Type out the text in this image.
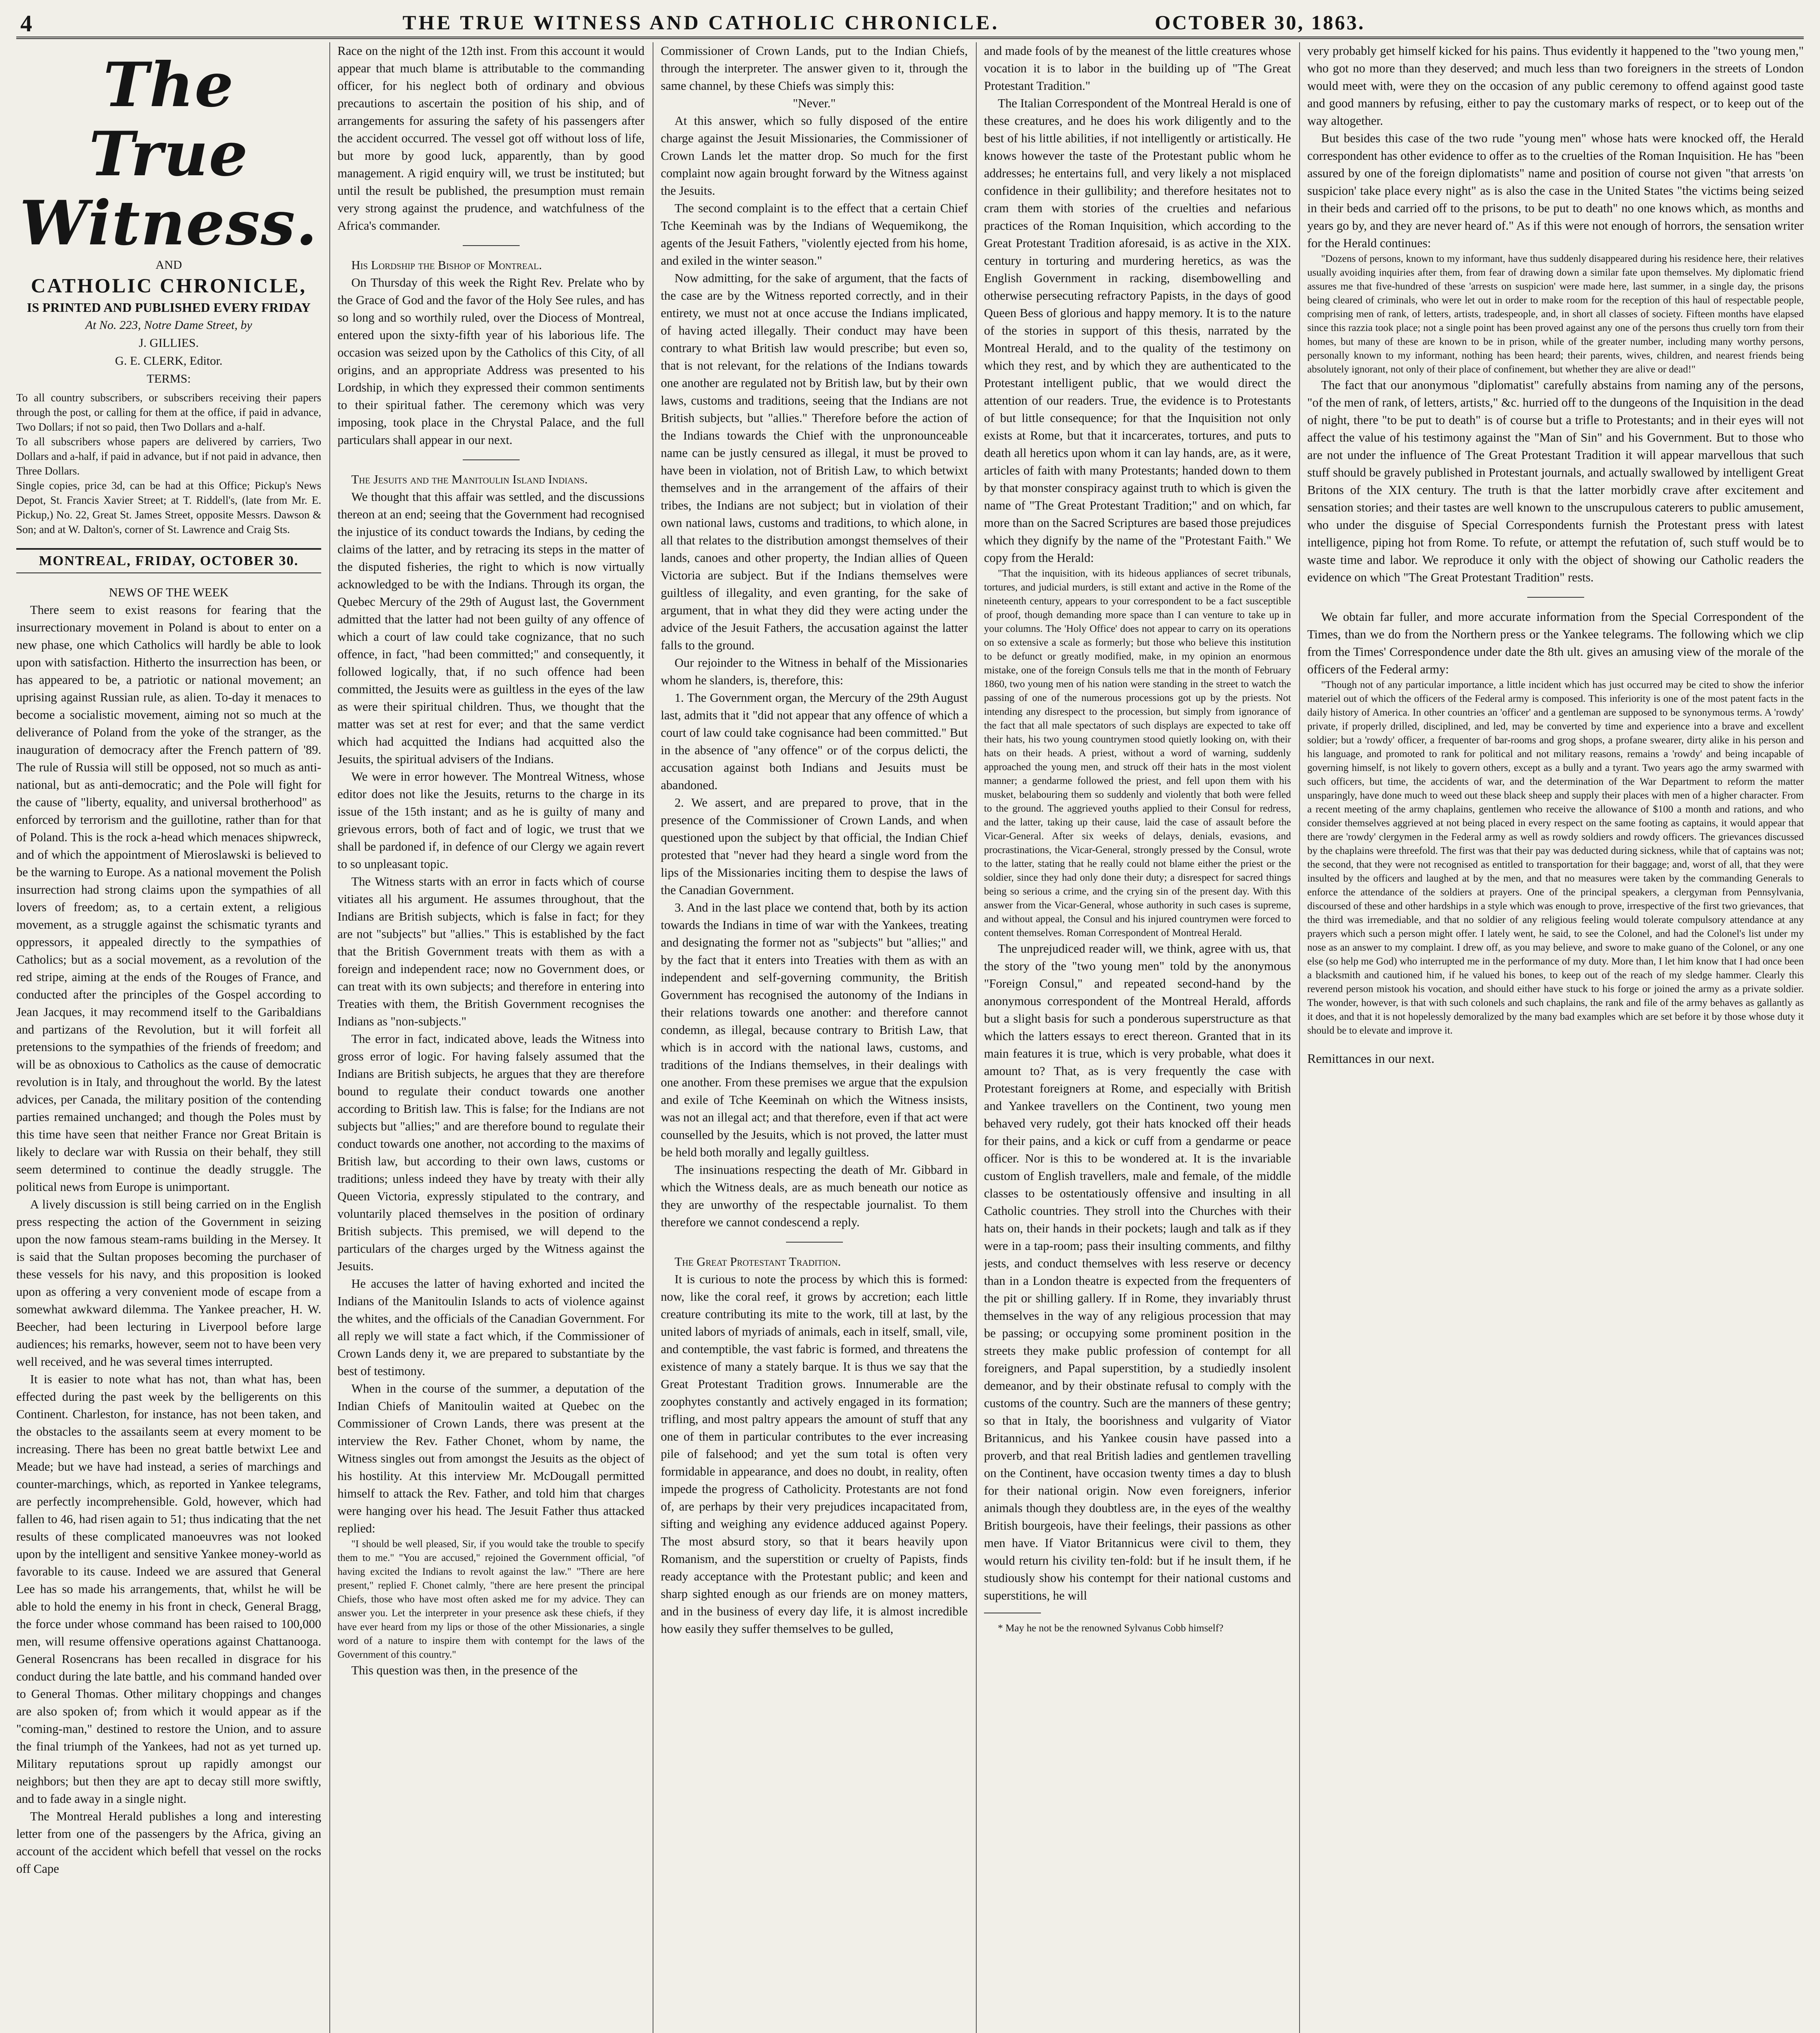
4	THE TRUE WITNESS AND CATHOLIC CHRONICLE.	OCTOBER 30, 1863.
The True Witness.
AND
CATHOLIC CHRONICLE,
IS PRINTED AND PUBLISHED EVERY FRIDAY
At No. 223, Notre Dame Street, by
J. GILLIES.
G. E. CLERK, Editor.
TERMS:

To all country subscribers, or subscribers receiving their papers through the post, or calling for them at the office, if paid in advance, Two Dollars; if not so paid, then Two Dollars and a-half.

To all subscribers whose papers are delivered by carriers, Two Dollars and a-half, if paid in advance, but if not paid in advance, then Three Dollars.

Single copies, price 3d, can be had at this Office; Pickup's News Depot, St. Francis Xavier Street; at T. Riddell's, (late from Mr. E. Pickup,) No. 22, Great St. James Street, opposite Messrs. Dawson & Son; and at W. Dalton's, corner of St. Lawrence and Craig Sts.

MONTREAL, FRIDAY, OCTOBER 30.

NEWS OF THE WEEK

There seem to exist reasons for fearing that the insurrectionary movement in Poland is about to enter on a new phase, one which Catholics will hardly be able to look upon with satisfaction. Hitherto the insurrection has been, or has appeared to be, a patriotic or national movement; an uprising against Russian rule, as alien. To-day it menaces to become a socialistic movement, aiming not so much at the deliverance of Poland from the yoke of the stranger, as the inauguration of democracy after the French pattern of '89. The rule of Russia will still be opposed, not so much as anti-national, but as anti-democratic; and the Pole will fight for the cause of "liberty, equality, and universal brotherhood" as enforced by terrorism and the guillotine, rather than for that of Poland. This is the rock a-head which menaces shipwreck, and of which the appointment of Mieroslawski is believed to be the warning to Europe. As a national movement the Polish insurrection had strong claims upon the sympathies of all lovers of freedom; as, to a certain extent, a religious movement, as a struggle against the schismatic tyrants and oppressors, it appealed directly to the sympathies of Catholics; but as a social movement, as a revolution of the red stripe, aiming at the ends of the Rouges of France, and conducted after the principles of the Gospel according to Jean Jacques, it may recommend itself to the Garibaldians and partizans of the Revolution, but it will forfeit all pretensions to the sympathies of the friends of freedom; and will be as obnoxious to Catholics as the cause of democratic revolution is in Italy, and throughout the world. By the latest advices, per Canada, the military position of the contending parties remained unchanged; and though the Poles must by this time have seen that neither France nor Great Britain is likely to declare war with Russia on their behalf, they still seem determined to continue the deadly struggle. The political news from Europe is unimportant.

A lively discussion is still being carried on in the English press respecting the action of the Government in seizing upon the now famous steam-rams building in the Mersey. It is said that the Sultan proposes becoming the purchaser of these vessels for his navy, and this proposition is looked upon as offering a very convenient mode of escape from a somewhat awkward dilemma. The Yankee preacher, H. W. Beecher, had been lecturing in Liverpool before large audiences; his remarks, however, seem not to have been very well received, and he was several times interrupted.

It is easier to note what has not, than what has, been effected during the past week by the belligerents on this Continent. Charleston, for instance, has not been taken, and the obstacles to the assailants seem at every moment to be increasing. There has been no great battle betwixt Lee and Meade; but we have had instead, a series of marchings and counter-marchings, which, as reported in Yankee telegrams, are perfectly incomprehensible. Gold, however, which had fallen to 46, had risen again to 51; thus indicating that the net results of these complicated manoeuvres was not looked upon by the intelligent and sensitive Yankee money-world as favorable to its cause. Indeed we are assured that General Lee has so made his arrangements, that, whilst he will be able to hold the enemy in his front in check, General Bragg, the force under whose command has been raised to 100,000 men, will resume offensive operations against Chattanooga. General Rosencrans has been recalled in disgrace for his conduct during the late battle, and his command handed over to General Thomas. Other military choppings and changes are also spoken of; from which it would appear as if the "coming-man," destined to restore the Union, and to assure the final triumph of the Yankees, had not as yet turned up. Military reputations sprout up rapidly amongst our neighbors; but then they are apt to decay still more swiftly, and to fade away in a single night.

The Montreal Herald publishes a long and interesting letter from one of the passengers by the Africa, giving an account of the accident which befell that vessel on the rocks off Cape

Race on the night of the 12th inst. From this account it would appear that much blame is attributable to the commanding officer, for his neglect both of ordinary and obvious precautions to ascertain the position of his ship, and of arrangements for assuring the safety of his passengers after the accident occurred. The vessel got off without loss of life, but more by good luck, apparently, than by good management. A rigid enquiry will, we trust be instituted; but until the result be published, the presumption must remain very strong against the prudence, and watchfulness of the Africa's commander.

His Lordship the Bishop of Montreal.

On Thursday of this week the Right Rev. Prelate who by the Grace of God and the favor of the Holy See rules, and has so long and so worthily ruled, over the Diocess of Montreal, entered upon the sixty-fifth year of his laborious life. The occasion was seized upon by the Catholics of this City, of all origins, and an appropriate Address was presented to his Lordship, in which they expressed their common sentiments to their spiritual father. The ceremony which was very imposing, took place in the Chrystal Palace, and the full particulars shall appear in our next.

The Jesuits and the Manitoulin Island Indians.

We thought that this affair was settled, and the discussions thereon at an end; seeing that the Government had recognised the injustice of its conduct towards the Indians, by ceding the claims of the latter, and by retracing its steps in the matter of the disputed fisheries, the right to which is now virtually acknowledged to be with the Indians. Through its organ, the Quebec Mercury of the 29th of August last, the Government admitted that the latter had not been guilty of any offence of which a court of law could take cognizance, that no such offence, in fact, "had been committed;" and consequently, it followed logically, that, if no such offence had been committed, the Jesuits were as guiltless in the eyes of the law as were their spiritual children. Thus, we thought that the matter was set at rest for ever; and that the same verdict which had acquitted the Indians had acquitted also the Jesuits, the spiritual advisers of the Indians.

We were in error however. The Montreal Witness, whose editor does not like the Jesuits, returns to the charge in its issue of the 15th instant; and as he is guilty of many and grievous errors, both of fact and of logic, we trust that we shall be pardoned if, in defence of our Clergy we again revert to so unpleasant topic.

The Witness starts with an error in facts which of course vitiates all his argument. He assumes throughout, that the Indians are British subjects, which is false in fact; for they are not "subjects" but "allies." This is established by the fact that the British Government treats with them as with a foreign and independent race; now no Government does, or can treat with its own subjects; and therefore in entering into Treaties with them, the British Government recognises the Indians as "non-subjects."

The error in fact, indicated above, leads the Witness into gross error of logic. For having falsely assumed that the Indians are British subjects, he argues that they are therefore bound to regulate their conduct towards one another according to British law. This is false; for the Indians are not subjects but "allies;" and are therefore bound to regulate their conduct towards one another, not according to the maxims of British law, but according to their own laws, customs or traditions; unless indeed they have by treaty with their ally Queen Victoria, expressly stipulated to the contrary, and voluntarily placed themselves in the position of ordinary British subjects. This premised, we will depend to the particulars of the charges urged by the Witness against the Jesuits.

He accuses the latter of having exhorted and incited the Indians of the Manitoulin Islands to acts of violence against the whites, and the officials of the Canadian Government. For all reply we will state a fact which, if the Commissioner of Crown Lands deny it, we are prepared to substantiate by the best of testimony.

When in the course of the summer, a deputation of the Indian Chiefs of Manitoulin waited at Quebec on the Commissioner of Crown Lands, there was present at the interview the Rev. Father Chonet, whom by name, the Witness singles out from amongst the Jesuits as the object of his hostility. At this interview Mr. McDougall permitted himself to attack the Rev. Father, and told him that charges were hanging over his head. The Jesuit Father thus attacked replied:

"I should be well pleased, Sir, if you would take the trouble to specify them to me." "You are accused," rejoined the Government official, "of having excited the Indians to revolt against the law." "There are here present," replied F. Chonet calmly, "there are here present the principal Chiefs, those who have most often asked me for my advice. They can answer you. Let the interpreter in your presence ask these chiefs, if they have ever heard from my lips or those of the other Missionaries, a single word of a nature to inspire them with contempt for the laws of the Government of this country."

This question was then, in the presence of the

Commissioner of Crown Lands, put to the Indian Chiefs, through the interpreter. The answer given to it, through the same channel, by these Chiefs was simply this:

"Never."

At this answer, which so fully disposed of the entire charge against the Jesuit Missionaries, the Commissioner of Crown Lands let the matter drop. So much for the first complaint now again brought forward by the Witness against the Jesuits.

The second complaint is to the effect that a certain Chief Tche Keeminah was by the Indians of Wequemikong, the agents of the Jesuit Fathers, "violently ejected from his home, and exiled in the winter season."

Now admitting, for the sake of argument, that the facts of the case are by the Witness reported correctly, and in their entirety, we must not at once accuse the Indians implicated, of having acted illegally. Their conduct may have been contrary to what British law would prescribe; but even so, that is not relevant, for the relations of the Indians towards one another are regulated not by British law, but by their own laws, customs and traditions, seeing that the Indians are not British subjects, but "allies." Therefore before the action of the Indians towards the Chief with the unpronounceable name can be justly censured as illegal, it must be proved to have been in violation, not of British Law, to which betwixt themselves and in the arrangement of the affairs of their tribes, the Indians are not subject; but in violation of their own national laws, customs and traditions, to which alone, in all that relates to the distribution amongst themselves of their lands, canoes and other property, the Indian allies of Queen Victoria are subject. But if the Indians themselves were guiltless of illegality, and even granting, for the sake of argument, that in what they did they were acting under the advice of the Jesuit Fathers, the accusation against the latter falls to the ground.

Our rejoinder to the Witness in behalf of the Missionaries whom he slanders, is, therefore, this:

1. The Government organ, the Mercury of the 29th August last, admits that it "did not appear that any offence of which a court of law could take cognisance had been committed." But in the absence of "any offence" or of the corpus delicti, the accusation against both Indians and Jesuits must be abandoned.

2. We assert, and are prepared to prove, that in the presence of the Commissioner of Crown Lands, and when questioned upon the subject by that official, the Indian Chief protested that "never had they heard a single word from the lips of the Missionaries inciting them to despise the laws of the Canadian Government.

3. And in the last place we contend that, both by its action towards the Indians in time of war with the Yankees, treating and designating the former not as "subjects" but "allies;" and by the fact that it enters into Treaties with them as with an independent and self-governing community, the British Government has recognised the autonomy of the Indians in their relations towards one another: and therefore cannot condemn, as illegal, because contrary to British Law, that which is in accord with the national laws, customs, and traditions of the Indians themselves, in their dealings with one another. From these premises we argue that the expulsion and exile of Tche Keeminah on which the Witness insists, was not an illegal act; and that therefore, even if that act were counselled by the Jesuits, which is not proved, the latter must be held both morally and legally guiltless.

The insinuations respecting the death of Mr. Gibbard in which the Witness deals, are as much beneath our notice as they are unworthy of the respectable journalist. To them therefore we cannot condescend a reply.

The Great Protestant Tradition.

It is curious to note the process by which this is formed: now, like the coral reef, it grows by accretion; each little creature contributing its mite to the work, till at last, by the united labors of myriads of animals, each in itself, small, vile, and contemptible, the vast fabric is formed, and threatens the existence of many a stately barque. It is thus we say that the Great Protestant Tradition grows. Innumerable are the zoophytes constantly and actively engaged in its formation; trifling, and most paltry appears the amount of stuff that any one of them in particular contributes to the ever increasing pile of falsehood; and yet the sum total is often very formidable in appearance, and does no doubt, in reality, often impede the progress of Catholicity. Protestants are not fond of, are perhaps by their very prejudices incapacitated from, sifting and weighing any evidence adduced against Popery. The most absurd story, so that it bears heavily upon Romanism, and the superstition or cruelty of Papists, finds ready acceptance with the Protestant public; and keen and sharp sighted enough as our friends are on money matters, and in the business of every day life, it is almost incredible how easily they suffer themselves to be gulled,

and made fools of by the meanest of the little creatures whose vocation it is to labor in the building up of "The Great Protestant Tradition."

The Italian Correspondent of the Montreal Herald is one of these creatures, and he does his work diligently and to the best of his little abilities, if not intelligently or artistically. He knows however the taste of the Protestant public whom he addresses; he entertains full, and very likely a not misplaced confidence in their gullibility; and therefore hesitates not to cram them with stories of the cruelties and nefarious practices of the Roman Inquisition, which according to the Great Protestant Tradition aforesaid, is as active in the XIX. century in torturing and murdering heretics, as was the English Government in racking, disembowelling and otherwise persecuting refractory Papists, in the days of good Queen Bess of glorious and happy memory. It is to the nature of the stories in support of this thesis, narrated by the Montreal Herald, and to the quality of the testimony on which they rest, and by which they are authenticated to the Protestant intelligent public, that we would direct the attention of our readers. True, the evidence is to Protestants of but little consequence; for that the Inquisition not only exists at Rome, but that it incarcerates, tortures, and puts to death all heretics upon whom it can lay hands, are, as it were, articles of faith with many Protestants; handed down to them by that monster conspiracy against truth to which is given the name of "The Great Protestant Tradition;" and on which, far more than on the Sacred Scriptures are based those prejudices which they dignify by the name of the "Protestant Faith." We copy from the Herald:

"That the inquisition, with its hideous appliances of secret tribunals, tortures, and judicial murders, is still extant and active in the Rome of the nineteenth century, appears to your correspondent to be a fact susceptible of proof, though demanding more space than I can venture to take up in your columns. The 'Holy Office' does not appear to carry on its operations on so extensive a scale as formerly; but those who believe this institution to be defunct or greatly modified, make, in my opinion an enormous mistake, one of the foreign Consuls tells me that in the month of February 1860, two young men of his nation were standing in the street to watch the passing of one of the numerous processions got up by the priests. Not intending any disrespect to the procession, but simply from ignorance of the fact that all male spectators of such displays are expected to take off their hats, his two young countrymen stood quietly looking on, with their hats on their heads. A priest, without a word of warning, suddenly approached the young men, and struck off their hats in the most violent manner; a gendarme followed the priest, and fell upon them with his musket, belabouring them so suddenly and violently that both were felled to the ground. The aggrieved youths applied to their Consul for redress, and the latter, taking up their cause, laid the case of assault before the Vicar-General. After six weeks of delays, denials, evasions, and procrastinations, the Vicar-General, strongly pressed by the Consul, wrote to the latter, stating that he really could not blame either the priest or the soldier, since they had only done their duty; a disrespect for sacred things being so serious a crime, and the crying sin of the present day. With this answer from the Vicar-General, whose authority in such cases is supreme, and without appeal, the Consul and his injured countrymen were forced to content themselves. Roman Correspondent of Montreal Herald.

The unprejudiced reader will, we think, agree with us, that the story of the "two young men" told by the anonymous "Foreign Consul," and repeated second-hand by the anonymous correspondent of the Montreal Herald, affords but a slight basis for such a ponderous superstructure as that which the latters essays to erect thereon. Granted that in its main features it is true, which is very probable, what does it amount to? That, as is very frequently the case with Protestant foreigners at Rome, and especially with British and Yankee travellers on the Continent, two young men behaved very rudely, got their hats knocked off their heads for their pains, and a kick or cuff from a gendarme or peace officer. Nor is this to be wondered at. It is the invariable custom of English travellers, male and female, of the middle classes to be ostentatiously offensive and insulting in all Catholic countries. They stroll into the Churches with their hats on, their hands in their pockets; laugh and talk as if they were in a tap-room; pass their insulting comments, and filthy jests, and conduct themselves with less reserve or decency than in a London theatre is expected from the frequenters of the pit or shilling gallery. If in Rome, they invariably thrust themselves in the way of any religious procession that may be passing; or occupying some prominent position in the streets they make public profession of contempt for all foreigners, and Papal superstition, by a studiedly insolent demeanor, and by their obstinate refusal to comply with the customs of the country. Such are the manners of these gentry; so that in Italy, the boorishness and vulgarity of Viator Britannicus, and his Yankee cousin have passed into a proverb, and that real British ladies and gentlemen travelling on the Continent, have occasion twenty times a day to blush for their national origin. Now even foreigners, inferior animals though they doubtless are, in the eyes of the wealthy British bourgeois, have their feelings, their passions as other men have. If Viator Britannicus were civil to them, they would return his civility ten-fold: but if he insult them, if he studiously show his contempt for their national customs and superstitions, he will

* May he not be the renowned Sylvanus Cobb himself?

very probably get himself kicked for his pains. Thus evidently it happened to the "two young men," who got no more than they deserved; and much less than two foreigners in the streets of London would meet with, were they on the occasion of any public ceremony to offend against good taste and good manners by refusing, either to pay the customary marks of respect, or to keep out of the way altogether.

But besides this case of the two rude "young men" whose hats were knocked off, the Herald correspondent has other evidence to offer as to the cruelties of the Roman Inquisition. He has "been assured by one of the foreign diplomatists" name and position of course not given "that arrests 'on suspicion' take place every night" as is also the case in the United States "the victims being seized in their beds and carried off to the prisons, to be put to death" no one knows which, as months and years go by, and they are never heard of." As if this were not enough of horrors, the sensation writer for the Herald continues:

"Dozens of persons, known to my informant, have thus suddenly disappeared during his residence here, their relatives usually avoiding inquiries after them, from fear of drawing down a similar fate upon themselves. My diplomatic friend assures me that five-hundred of these 'arrests on suspicion' were made here, last summer, in a single day, the prisons being cleared of criminals, who were let out in order to make room for the reception of this haul of respectable people, comprising men of rank, of letters, artists, tradespeople, and, in short all classes of society. Fifteen months have elapsed since this razzia took place; not a single point has been proved against any one of the persons thus cruelly torn from their homes, but many of these are known to be in prison, while of the greater number, including many worthy persons, personally known to my informant, nothing has been heard; their parents, wives, children, and nearest friends being absolutely ignorant, not only of their place of confinement, but whether they are alive or dead!"

The fact that our anonymous "diplomatist" carefully abstains from naming any of the persons, "of the men of rank, of letters, artists," &c. hurried off to the dungeons of the Inquisition in the dead of night, there "to be put to death" is of course but a trifle to Protestants; and in their eyes will not affect the value of his testimony against the "Man of Sin" and his Government. But to those who are not under the influence of The Great Protestant Tradition it will appear marvellous that such stuff should be gravely published in Protestant journals, and actually swallowed by intelligent Great Britons of the XIX century. The truth is that the latter morbidly crave after excitement and sensation stories; and their tastes are well known to the unscrupulous caterers to public amusement, who under the disguise of Special Correspondents furnish the Protestant press with latest intelligence, piping hot from Rome. To refute, or attempt the refutation of, such stuff would be to waste time and labor. We reproduce it only with the object of showing our Catholic readers the evidence on which "The Great Protestant Tradition" rests.

We obtain far fuller, and more accurate information from the Special Correspondent of the Times, than we do from the Northern press or the Yankee telegrams. The following which we clip from the Times' Correspondence under date the 8th ult. gives an amusing view of the morale of the officers of the Federal army:

"Though not of any particular importance, a little incident which has just occurred may be cited to show the inferior materiel out of which the officers of the Federal army is composed. This inferiority is one of the most patent facts in the daily history of America. In other countries an 'officer' and a gentleman are supposed to be synonymous terms. A 'rowdy' private, if properly drilled, disciplined, and led, may be converted by time and experience into a brave and excellent soldier; but a 'rowdy' officer, a frequenter of bar-rooms and grog shops, a profane swearer, dirty alike in his person and his language, and promoted to rank for political and not military reasons, remains a 'rowdy' and being incapable of governing himself, is not likely to govern others, except as a bully and a tyrant. Two years ago the army swarmed with such officers, but time, the accidents of war, and the determination of the War Department to reform the matter unsparingly, have done much to weed out these black sheep and supply their places with men of a higher character. From a recent meeting of the army chaplains, gentlemen who receive the allowance of $100 a month and rations, and who consider themselves aggrieved at not being placed in every respect on the same footing as captains, it would appear that there are 'rowdy' clergymen in the Federal army as well as rowdy soldiers and rowdy officers. The grievances discussed by the chaplains were threefold. The first was that their pay was deducted during sickness, while that of captains was not; the second, that they were not recognised as entitled to transportation for their baggage; and, worst of all, that they were insulted by the officers and laughed at by the men, and that no measures were taken by the commanding Generals to enforce the attendance of the soldiers at prayers. One of the principal speakers, a clergyman from Pennsylvania, discoursed of these and other hardships in a style which was enough to prove, irrespective of the first two grievances, that the third was irremediable, and that no soldier of any religious feeling would tolerate compulsory attendance at any prayers which such a person might offer. I lately went, he said, to see the Colonel, and had the Colonel's list under my nose as an answer to my complaint. I drew off, as you may believe, and swore to make guano of the Colonel, or any one else (so help me God) who interrupted me in the performance of my duty. More than, I let him know that I had once been a blacksmith and cautioned him, if he valued his bones, to keep out of the reach of my sledge hammer. Clearly this reverend person mistook his vocation, and should either have stuck to his forge or joined the army as a private soldier. The wonder, however, is that with such colonels and such chaplains, the rank and file of the army behaves as gallantly as it does, and that it is not hopelessly demoralized by the many bad examples which are set before it by those whose duty it should be to elevate and improve it.

Remittances in our next.
